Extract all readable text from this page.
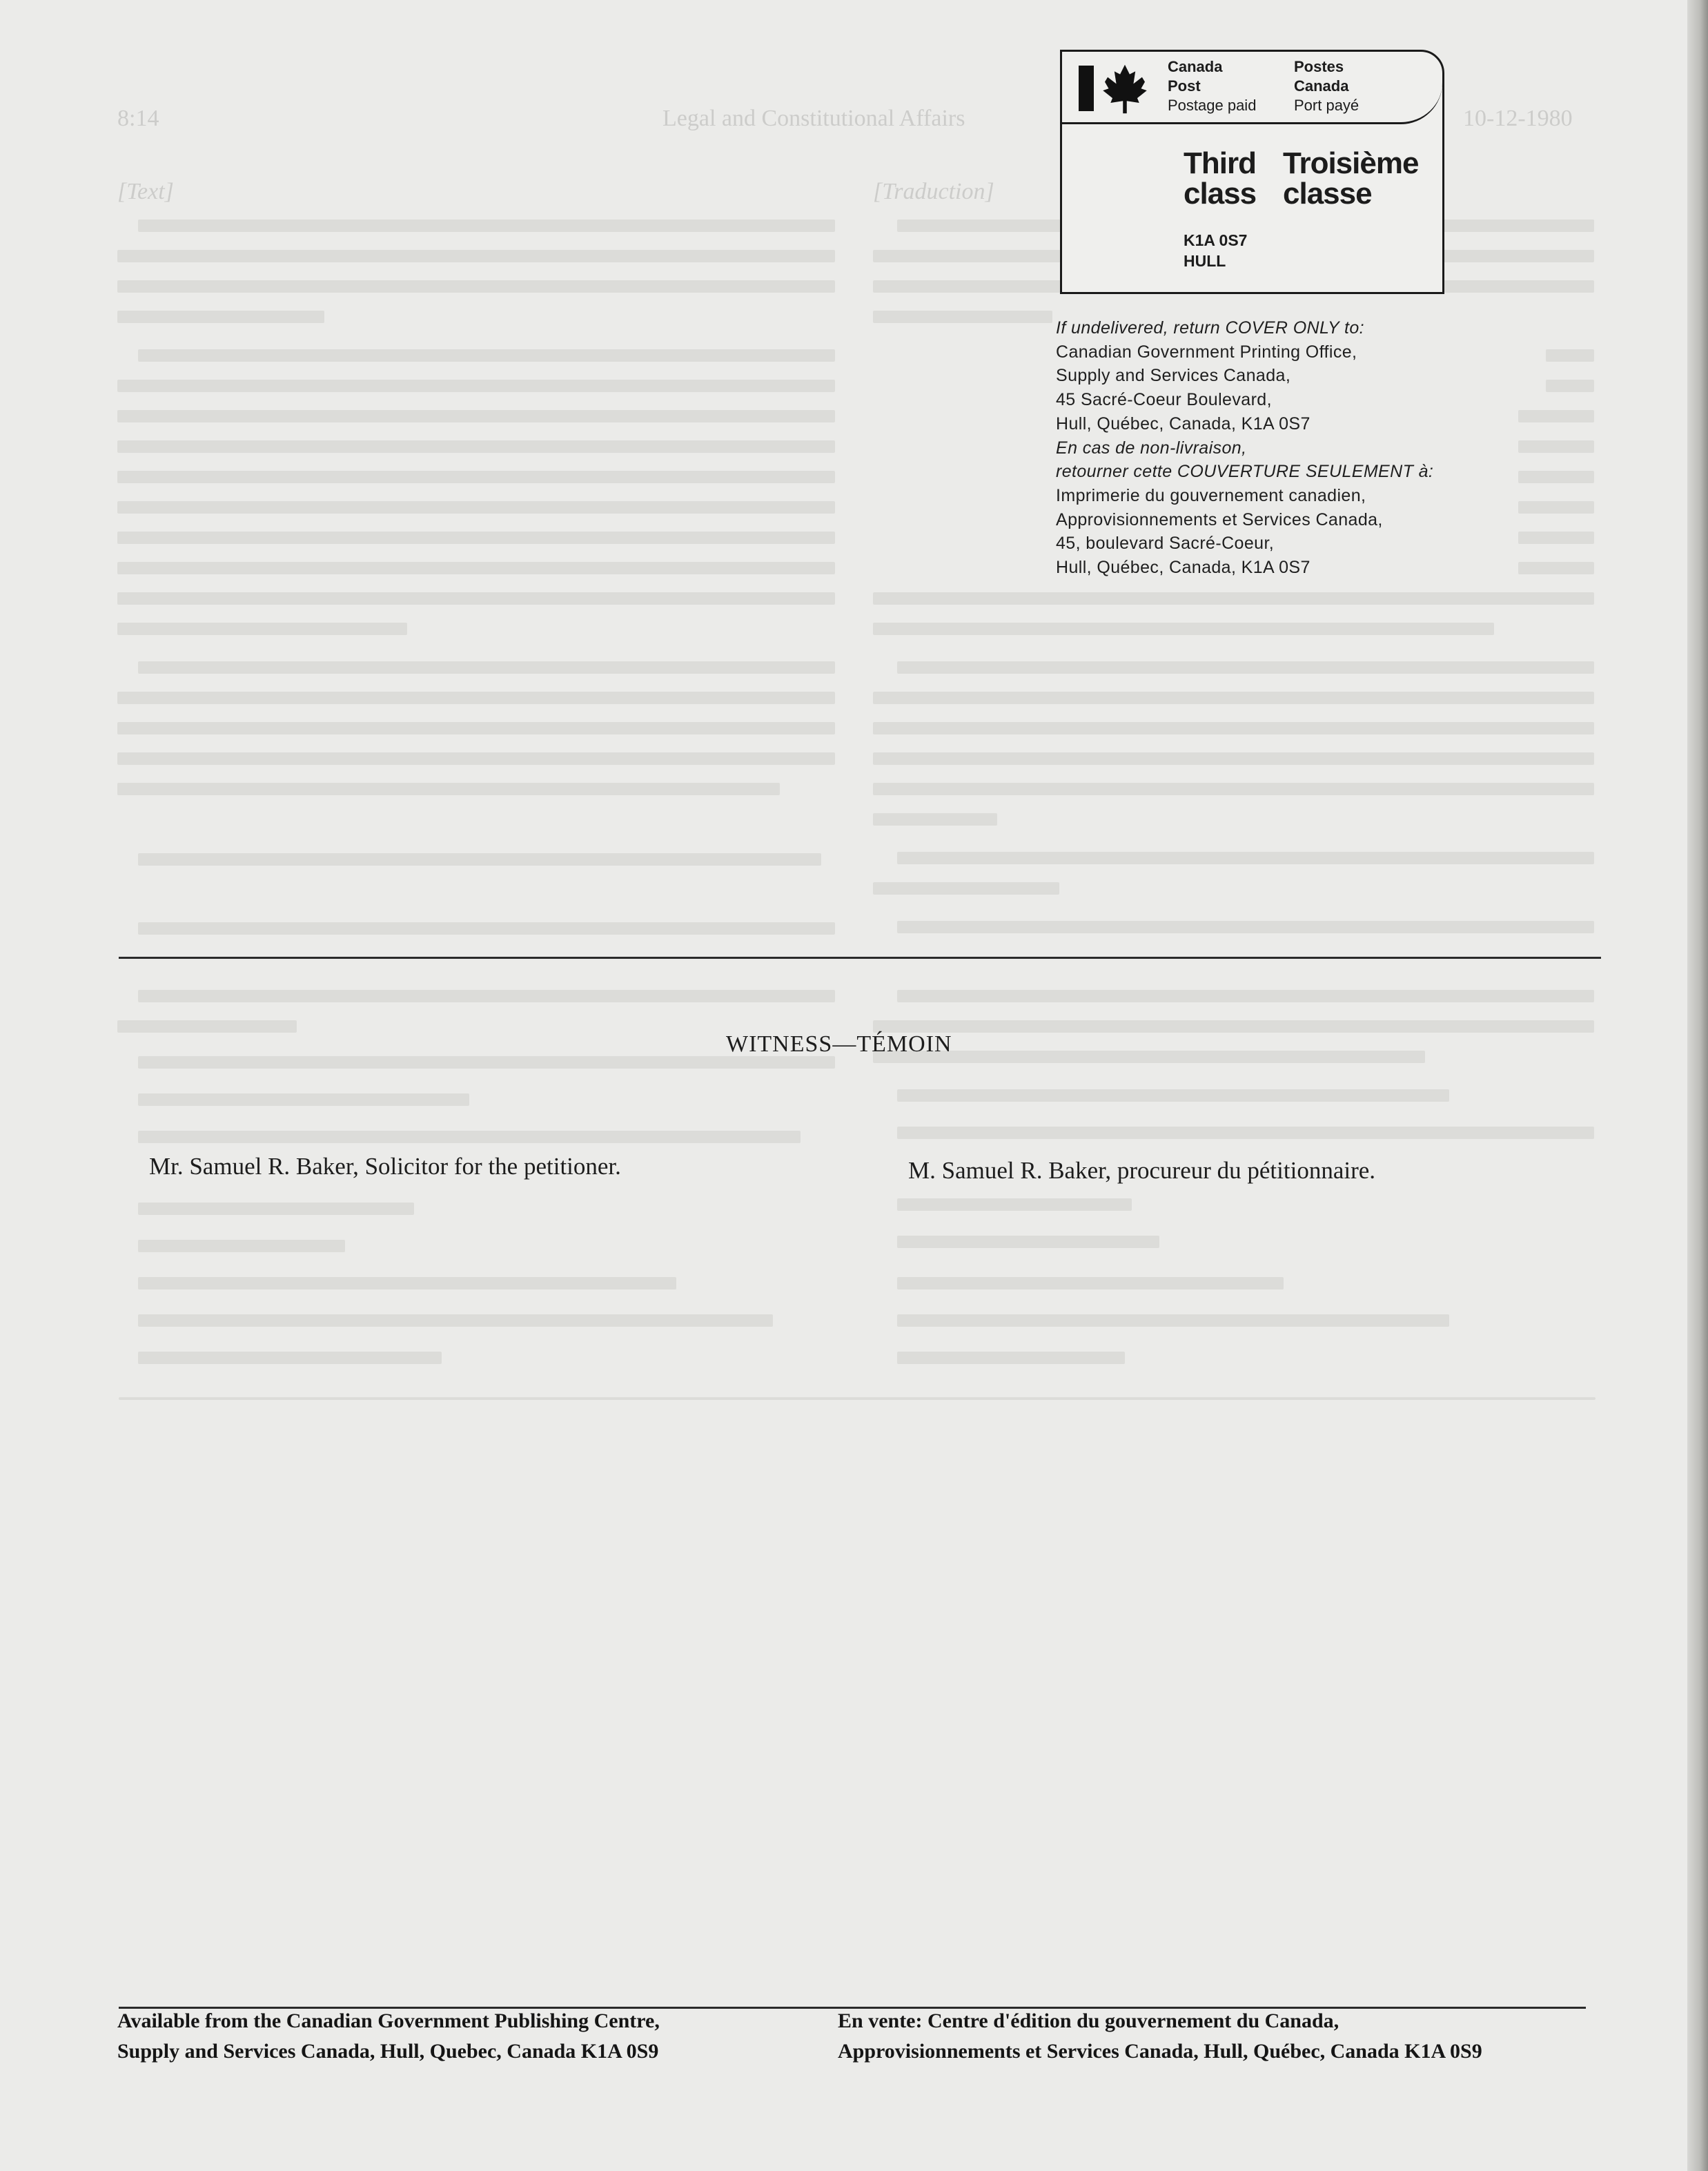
8:14	Legal and Constitutional Affairs	10-12-1980
[Text]	[Traduction]
Canada
Post
Postage paid
Postes
Canada
Port payé
Third
class
Troisième
classe
K1A 0S7
HULL
If undelivered, return COVER ONLY to:
Canadian Government Printing Office,
Supply and Services Canada,
45 Sacré-Coeur Boulevard,
Hull, Québec, Canada, K1A 0S7
En cas de non-livraison,
retourner cette COUVERTURE SEULEMENT à:
Imprimerie du gouvernement canadien,
Approvisionnements et Services Canada,
45, boulevard Sacré-Coeur,
Hull, Québec, Canada, K1A 0S7
WITNESS—TÉMOIN
Mr. Samuel R. Baker, Solicitor for the petitioner.	M. Samuel R. Baker, procureur du pétitionnaire.
Available from the Canadian Government Publishing Centre,
Supply and Services Canada, Hull, Quebec, Canada K1A 0S9
En vente: Centre d'édition du gouvernement du Canada,
Approvisionnements et Services Canada, Hull, Québec, Canada K1A 0S9
